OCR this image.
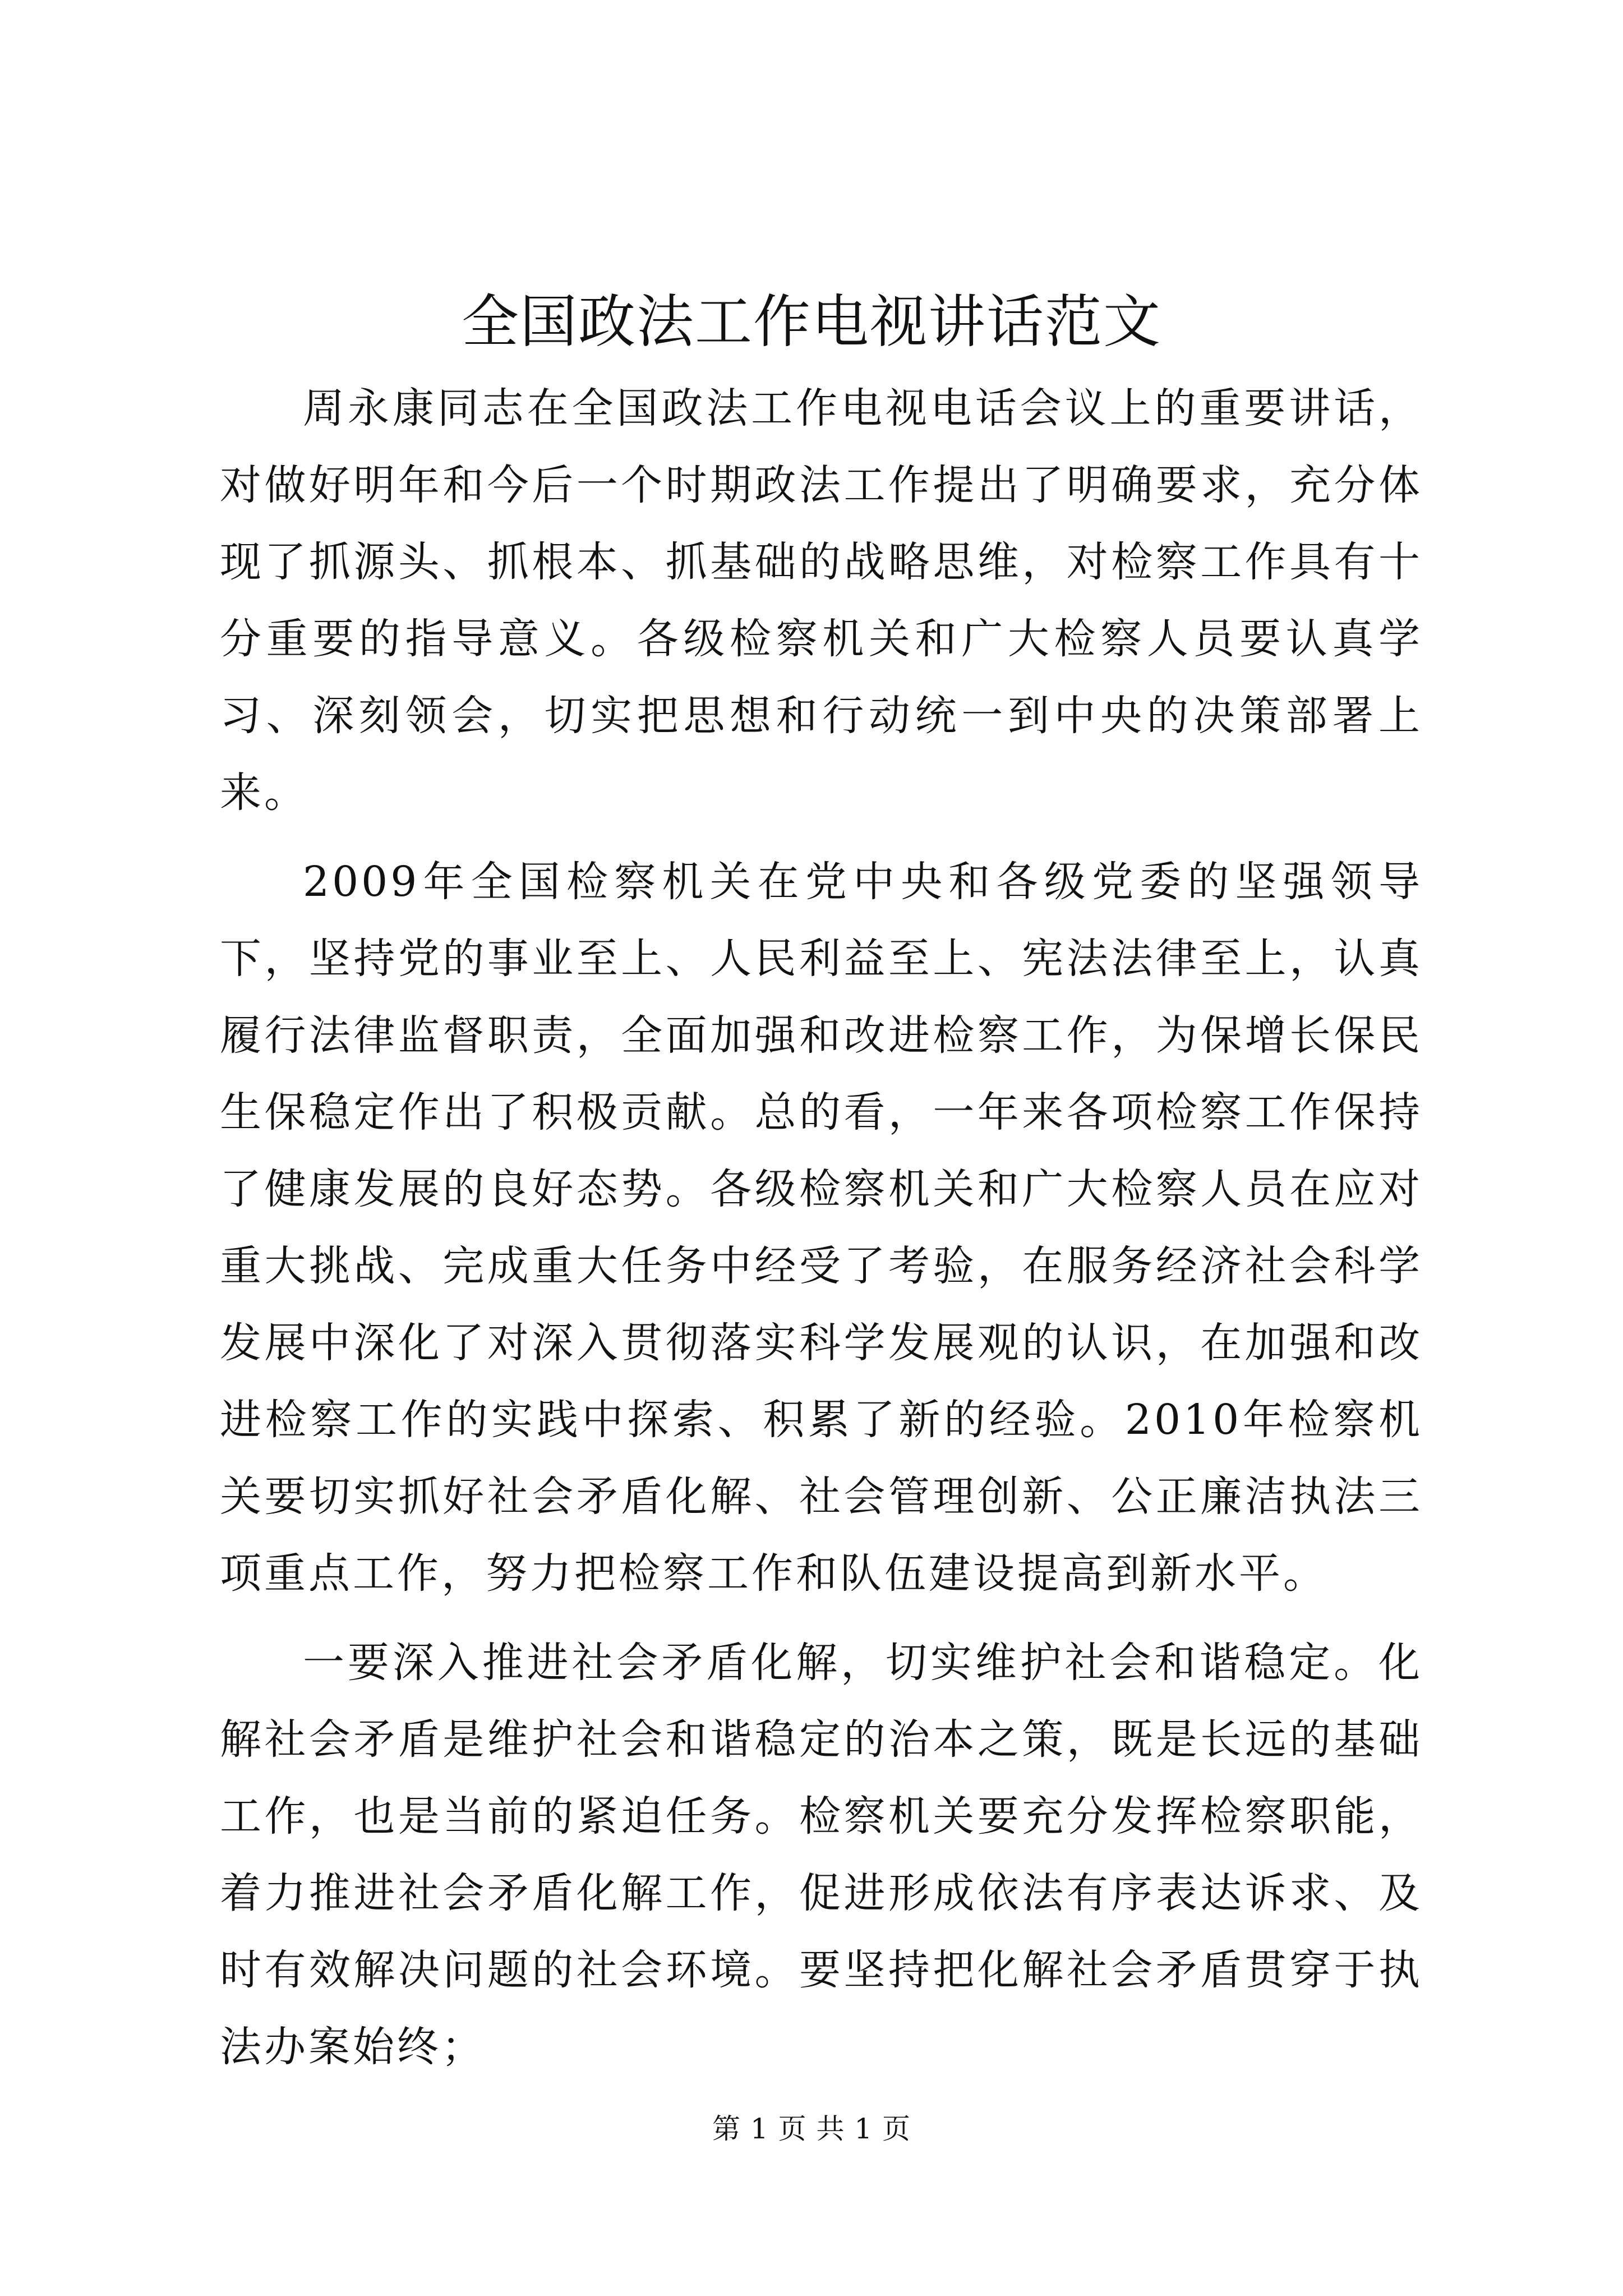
全国政法工作电视讲话范文

周永康同志在全国政法工作电视电话会议上的重要讲话，对做好明年和今后一个时期政法工作提出了明确要求，充分体现了抓源头、抓根本、抓基础的战略思维，对检察工作具有十分重要的指导意义。各级检察机关和广大检察人员要认真学习、深刻领会，切实把思想和行动统一到中央的决策部署上来。

2009年全国检察机关在党中央和各级党委的坚强领导下，坚持党的事业至上、人民利益至上、宪法法律至上，认真履行法律监督职责，全面加强和改进检察工作，为保增长保民生保稳定作出了积极贡献。总的看，一年来各项检察工作保持了健康发展的良好态势。各级检察机关和广大检察人员在应对重大挑战、完成重大任务中经受了考验，在服务经济社会科学发展中深化了对深入贯彻落实科学发展观的认识，在加强和改进检察工作的实践中探索、积累了新的经验。2010年检察机关要切实抓好社会矛盾化解、社会管理创新、公正廉洁执法三项重点工作，努力把检察工作和队伍建设提高到新水平。

一要深入推进社会矛盾化解，切实维护社会和谐稳定。化解社会矛盾是维护社会和谐稳定的治本之策，既是长远的基础工作，也是当前的紧迫任务。检察机关要充分发挥检察职能，着力推进社会矛盾化解工作，促进形成依法有序表达诉求、及时有效解决问题的社会环境。要坚持把化解社会矛盾贯穿于执法办案始终；

第 1 页 共 1 页
